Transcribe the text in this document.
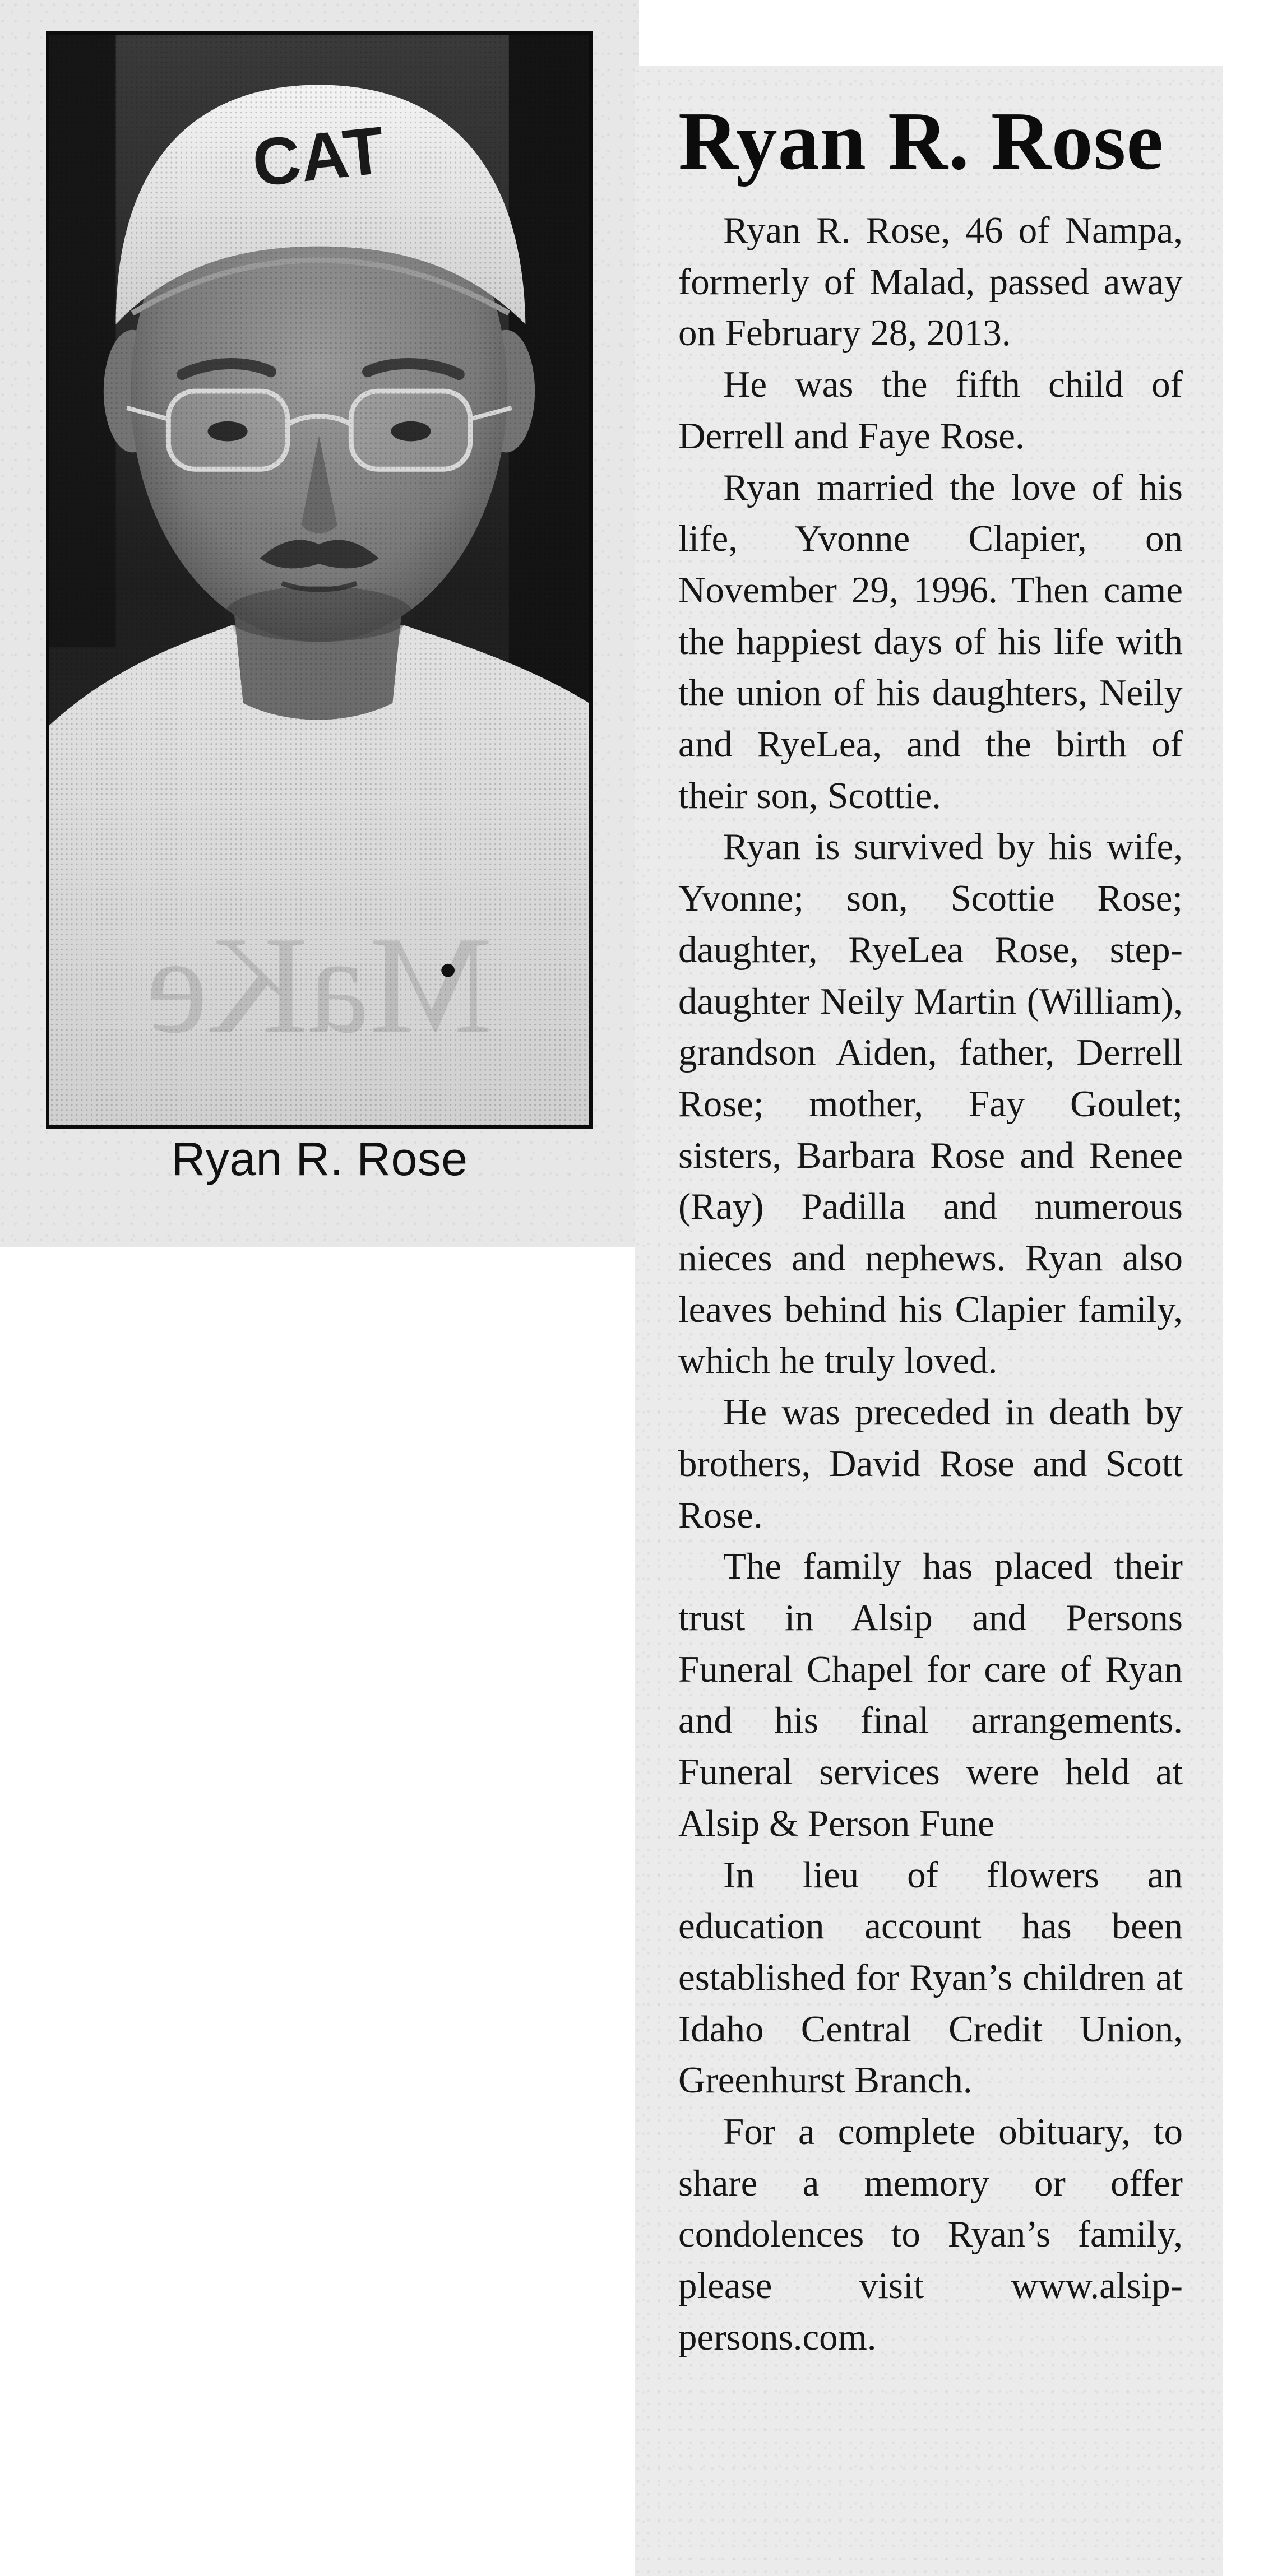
Ryan R. Rose
Ryan R. Rose

Ryan R. Rose, 46 of Nampa, formerly of Malad, passed away on February 28, 2013.

He was the fifth child of Derrell and Faye Rose.

Ryan married the love of his life, Yvonne Clapier, on November 29, 1996. Then came the happiest days of his life with the union of his daughters, Neily and RyeLea, and the birth of their son, Scottie.

Ryan is survived by his wife, Yvonne; son, Scottie Rose; daughter, RyeLea Rose, step-daughter Neily Martin (William), grandson Aiden, father, Derrell Rose; mother, Fay Goulet; sisters, Barbara Rose and Renee (Ray) Padilla and numerous nieces and nephews. Ryan also leaves behind his Clapier family, which he truly loved.

He was preceded in death by brothers, David Rose and Scott Rose.

The family has placed their trust in Alsip and Persons Funeral Chapel for care of Ryan and his final arrangements. Funeral services were held at Alsip & Person Fune

In lieu of flowers an education account has been established for Ryan’s children at Idaho Central Credit Union, Greenhurst Branch.

For a complete obituary, to share a memory or offer condolences to Ryan’s family, please visit www.alsip-persons.com.
